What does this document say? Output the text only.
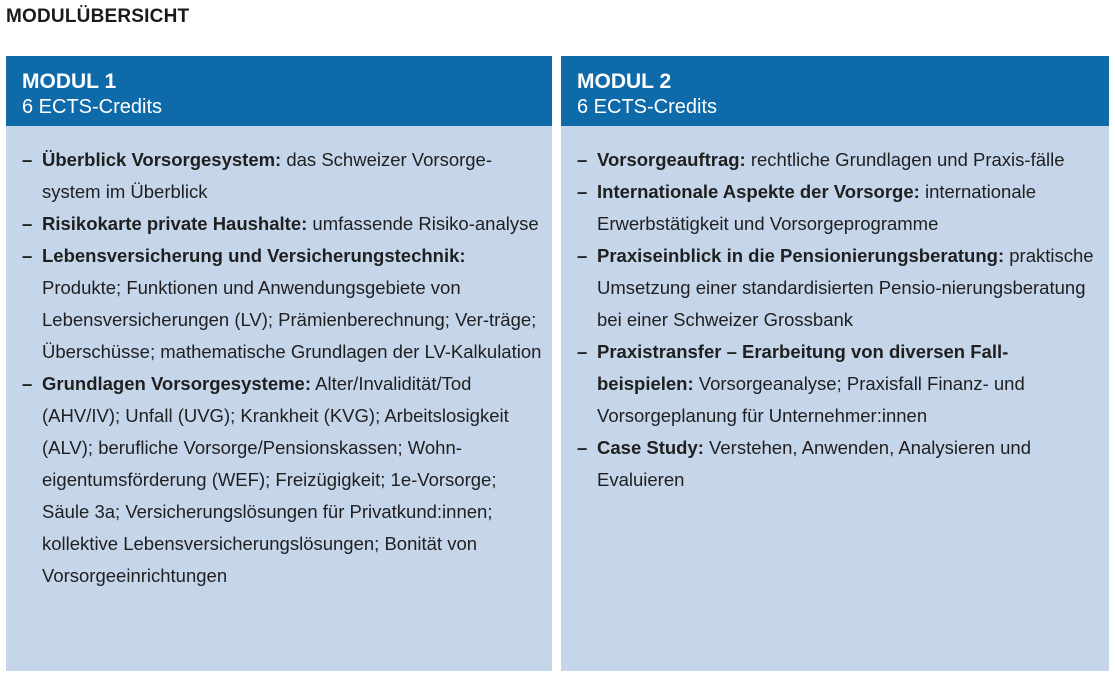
MODULÜBERSICHT
MODUL 1
6 ECTS-Credits
– Überblick Vorsorgesystem: das Schweizer Vorsorge-system im Überblick
– Risikokarte private Haushalte: umfassende Risiko-analyse
– Lebensversicherung und Versicherungstechnik: Produkte; Funktionen und Anwendungsgebiete von Lebensversicherungen (LV); Prämienberechnung; Ver-träge; Überschüsse; mathematische Grundlagen der LV-Kalkulation
– Grundlagen Vorsorgesysteme: Alter/Invalidität/Tod (AHV/IV); Unfall (UVG); Krankheit (KVG); Arbeitslosigkeit (ALV); berufliche Vorsorge/Pensionskassen; Wohn-eigentumsförderung (WEF); Freizügigkeit; 1e-Vorsorge; Säule 3a; Versicherungslösungen für Privatkund:innen; kollektive Lebensversicherungslösungen; Bonität von Vorsorgeeinrichtungen
MODUL 2
6 ECTS-Credits
– Vorsorgeauftrag: rechtliche Grundlagen und Praxis-fälle
– Internationale Aspekte der Vorsorge: internationale Erwerbstätigkeit und Vorsorgeprogramme
– Praxiseinblick in die Pensionierungsberatung: praktische Umsetzung einer standardisierten Pensio-nierungsberatung bei einer Schweizer Grossbank
– Praxistransfer – Erarbeitung von diversen Fall-beispielen: Vorsorgeanalyse; Praxisfall Finanz- und Vorsorgeplanung für Unternehmer:innen
– Case Study: Verstehen, Anwenden, Analysieren und Evaluieren
